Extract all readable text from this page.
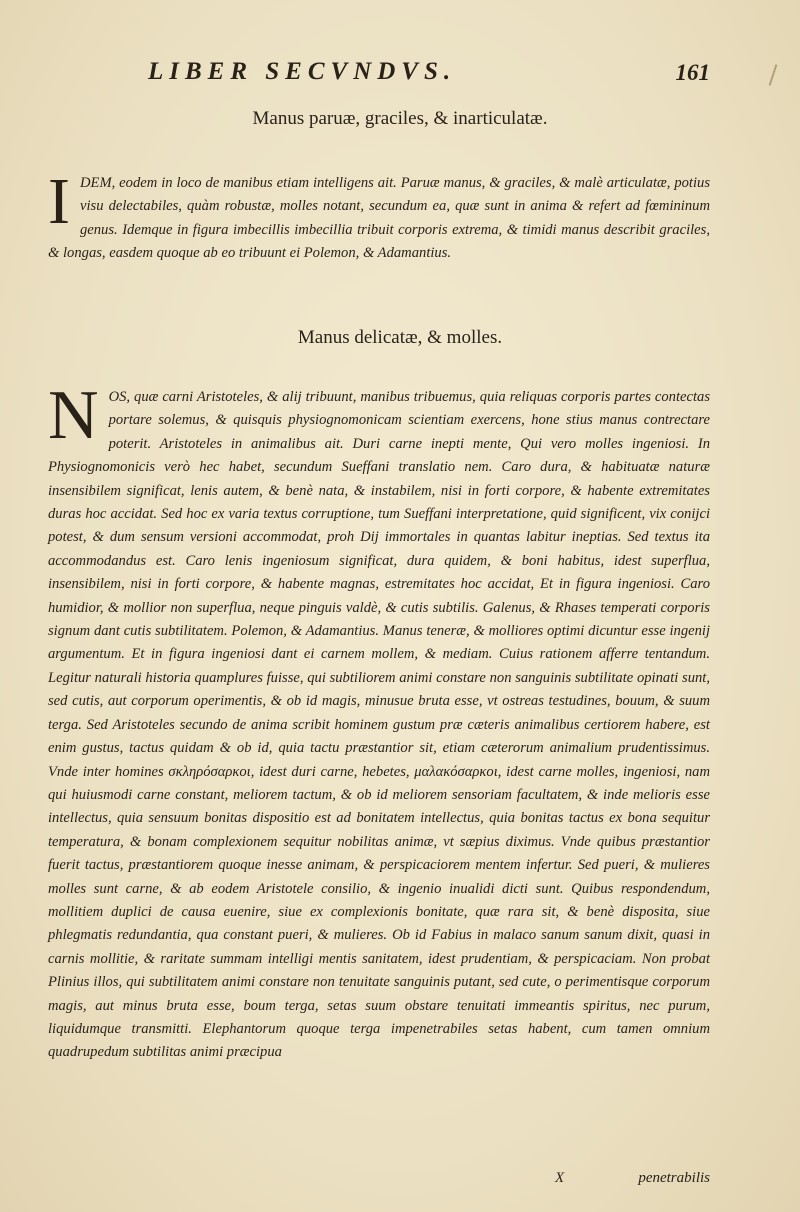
LIBER SECVNDVS.	161
Manus paruæ, graciles, & inarticulatæ.
I DEM, eodem in loco de manibus etiam intelligens ait. Paruæ manus, & graciles, & malè articulatæ, potius visu delectabiles, quàm robustæ, molles notant, secundum ea, quæ sunt in anima & refert ad fœmininum genus. Idemque in figura imbecillis imbecillia tribuit corporis extrema, & timidi manus describit graciles, & longas, easdem quoque ab eo tribuunt ei Polemon, & Adamantius.
Manus delicatæ, & molles.
N OS, quæ carni Aristoteles, & alij tribuunt, manibus tribuemus, quia reliquas corporis partes contectas portare solemus, & quisquis physiognomonicam scientiam exercens, hone stius manus contrectare poterit. Aristoteles in animalibus ait. Duri carne inepti mente, Qui vero molles ingeniosi. In Physiognomonicis verò hec habet, secundum Sueffani translatio nem. Caro dura, & habituatæ naturæ insensibilem significat, lenis autem, & benè nata, & instabilem, nisi in forti corpore, & habente extremitates duras hoc accidat. Sed hoc ex varia textus corruptione, tum Sueffani interpretatione, quid significent, vix conijci potest, & dum sensum versioni accommodat, proh Dij immortales in quantas labitur ineptias. Sed textus ita accommodandus est. Caro lenis ingeniosum significat, dura quidem, & boni habitus, idest superflua, insensibilem, nisi in forti corpore, & habente magnas, estremitates hoc accidat, Et in figura ingeniosi. Caro humidior, & mollior non superflua, neque pinguis valdè, & cutis subtilis. Galenus, & Rhases temperati corporis signum dant cutis subtilitatem. Polemon, & Adamantius. Manus teneræ, & molliores optimi dicuntur esse ingenij argumentum. Et in figura ingeniosi dant ei carnem mollem, & mediam. Cuius rationem afferre tentandum. Legitur naturali historia quamplures fuisse, qui subtiliorem animi constare non sanguinis subtilitate opinati sunt, sed cutis, aut corporum operimentis, & ob id magis, minusue bruta esse, vt ostreas testudines, bouum, & suum terga. Sed Aristoteles secundo de anima scribit hominem gustum præ cæteris animalibus certiorem habere, est enim gustus, tactus quidam & ob id, quia tactu præstantior sit, etiam cæterorum animalium prudentissimus. Vnde inter homines σκληρόσαρκοι, idest duri carne, hebetes, μαλακόσαρκοι, idest carne molles, ingeniosi, nam qui huiusmodi carne constant, meliorem tactum, & ob id meliorem sensoriam facultatem, & inde melioris esse intellectus, quia sensuum bonitas dispositio est ad bonitatem intellectus, quia bonitas tactus ex bona sequitur temperatura, & bonam complexionem sequitur nobilitas animæ, vt sæpius diximus. Vnde quibus præstantior fuerit tactus, præstantiorem quoque inesse animam, & perspicaciorem mentem infertur. Sed pueri, & mulieres molles sunt carne, & ab eodem Aristotele consilio, & ingenio inualidi dicti sunt. Quibus respondendum, mollitiem duplici de causa euenire, siue ex complexionis bonitate, quæ rara sit, & benè disposita, siue phlegmatis redundantia, qua constant pueri, & mulieres. Ob id Fabius in malaco sanum sanum dixit, quasi in carnis mollitie, & raritate summam intelligi mentis sanitatem, idest prudentiam, & perspicaciam. Non probat Plinius illos, qui subtilitatem animi constare non tenuitate sanguinis putant, sed cute, o perimentisque corporum magis, aut minus bruta esse, boum terga, setas suum obstare tenuitati immeantis spiritus, nec purum, liquidumque transmitti. Elephantorum quoque terga impenetrabiles setas habent, cum tamen omnium quadrupedum subtilitas animi præcipua
X	penetrabilis
